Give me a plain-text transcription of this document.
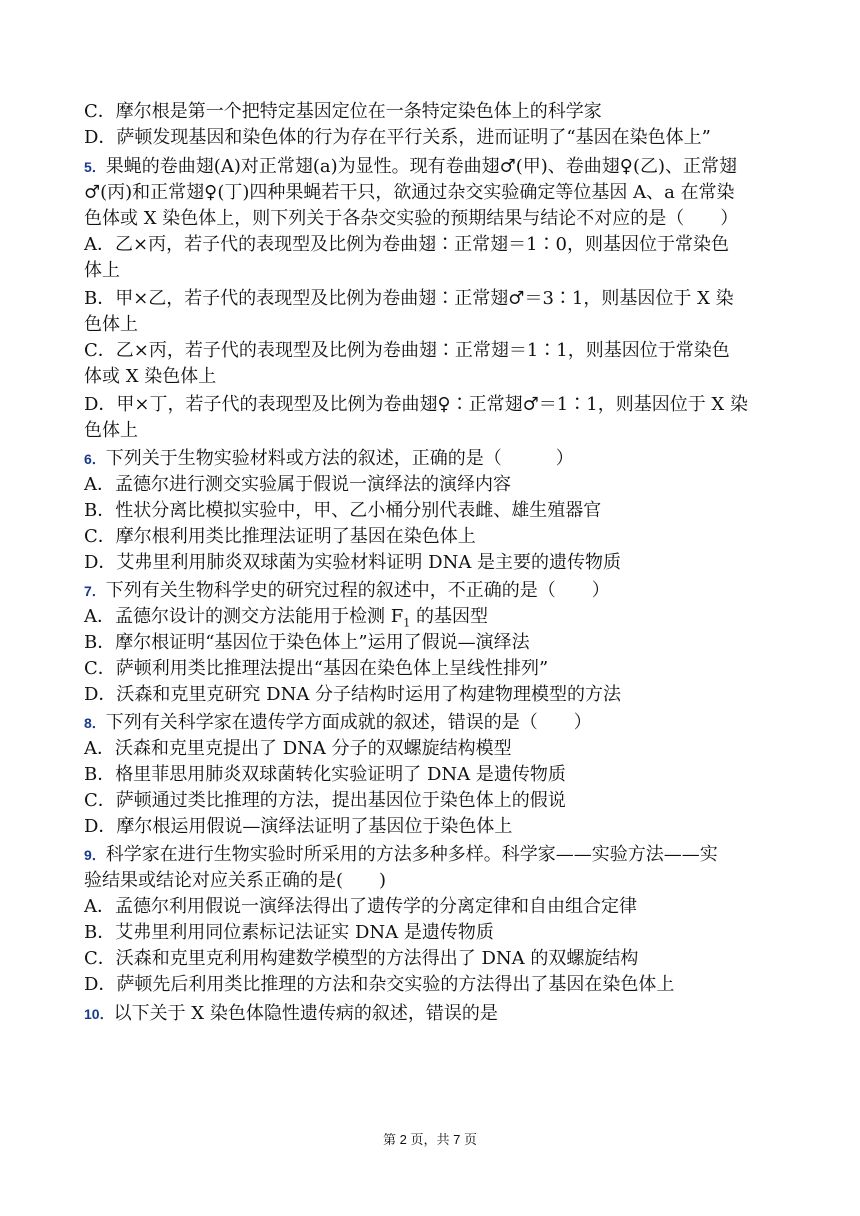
C．摩尔根是第一个把特定基因定位在一条特定染色体上的科学家
D．萨顿发现基因和染色体的行为存在平行关系，进而证明了“基因在染色体上”
5．果蝇的卷曲翅(A)对正常翅(a)为显性。现有卷曲翅♂(甲)、卷曲翅♀(乙)、正常翅
♂(丙)和正常翅♀(丁)四种果蝇若干只，欲通过杂交实验确定等位基因 A、a 在常染
色体或 X 染色体上，则下列关于各杂交实验的预期结果与结论不对应的是（　　）
A．乙×丙，若子代的表现型及比例为卷曲翅∶正常翅＝1∶0，则基因位于常染色
体上
B．甲×乙，若子代的表现型及比例为卷曲翅∶正常翅♂＝3∶1，则基因位于 X 染
色体上
C．乙×丙，若子代的表现型及比例为卷曲翅∶正常翅＝1∶1，则基因位于常染色
体或 X 染色体上
D．甲×丁，若子代的表现型及比例为卷曲翅♀∶正常翅♂＝1∶1，则基因位于 X 染
色体上
6．下列关于生物实验材料或方法的叙述，正确的是（　　　）
A．孟德尔进行测交实验属于假说一演绎法的演绎内容
B．性状分离比模拟实验中，甲、乙小桶分别代表雌、雄生殖器官
C．摩尔根利用类比推理法证明了基因在染色体上
D．艾弗里利用肺炎双球菌为实验材料证明 DNA 是主要的遗传物质
7．下列有关生物科学史的研究过程的叙述中，不正确的是（　　）
A．孟德尔设计的测交方法能用于检测 $F_1$ 的基因型
B．摩尔根证明“基因位于染色体上”运用了假说—演绎法
C．萨顿利用类比推理法提出“基因在染色体上呈线性排列”
D．沃森和克里克研究 DNA 分子结构时运用了构建物理模型的方法
8．下列有关科学家在遗传学方面成就的叙述，错误的是（　　）
A．沃森和克里克提出了 DNA 分子的双螺旋结构模型
B．格里菲思用肺炎双球菌转化实验证明了 DNA 是遗传物质
C．萨顿通过类比推理的方法，提出基因位于染色体上的假说
D．摩尔根运用假说—演绎法证明了基因位于染色体上
9．科学家在进行生物实验时所采用的方法多种多样。科学家——实验方法——实
验结果或结论对应关系正确的是(　　)
A．孟德尔利用假说一演绎法得出了遗传学的分离定律和自由组合定律
B．艾弗里利用同位素标记法证实 DNA 是遗传物质
C．沃森和克里克利用构建数学模型的方法得出了 DNA 的双螺旋结构
D．萨顿先后利用类比推理的方法和杂交实验的方法得出了基因在染色体上
10．以下关于 X 染色体隐性遗传病的叙述，错误的是
第 2 页，共 7 页
